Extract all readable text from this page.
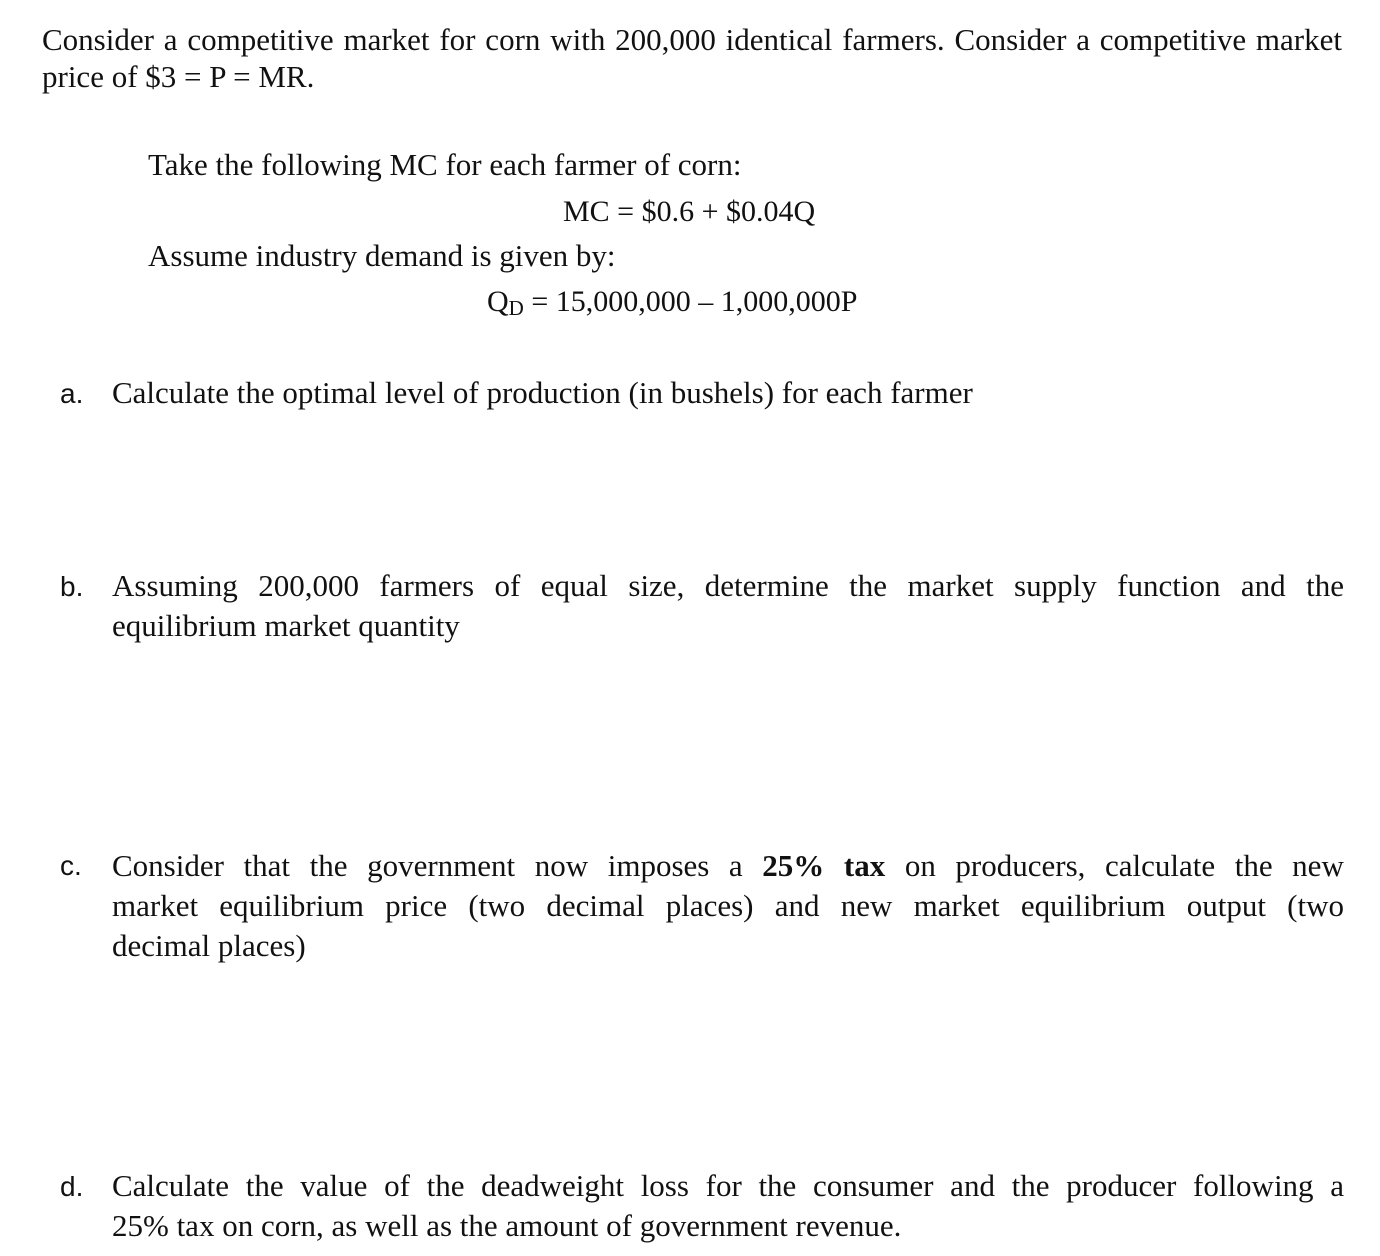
Consider a competitive market for corn with 200,000 identical farmers. Consider a competitive market
price of $3 = P = MR.
Take the following MC for each farmer of corn:
MC = $0.6 + $0.04Q
Assume industry demand is given by:
QD = 15,000,000 – 1,000,000P
a. Calculate the optimal level of production (in bushels) for each farmer
b. Assuming 200,000 farmers of equal size, determine the market supply function and the
equilibrium market quantity
c. Consider that the government now imposes a 25% tax on producers, calculate the new
market equilibrium price (two decimal places) and new market equilibrium output (two
decimal places)
d. Calculate the value of the deadweight loss for the consumer and the producer following a
25% tax on corn, as well as the amount of government revenue.
